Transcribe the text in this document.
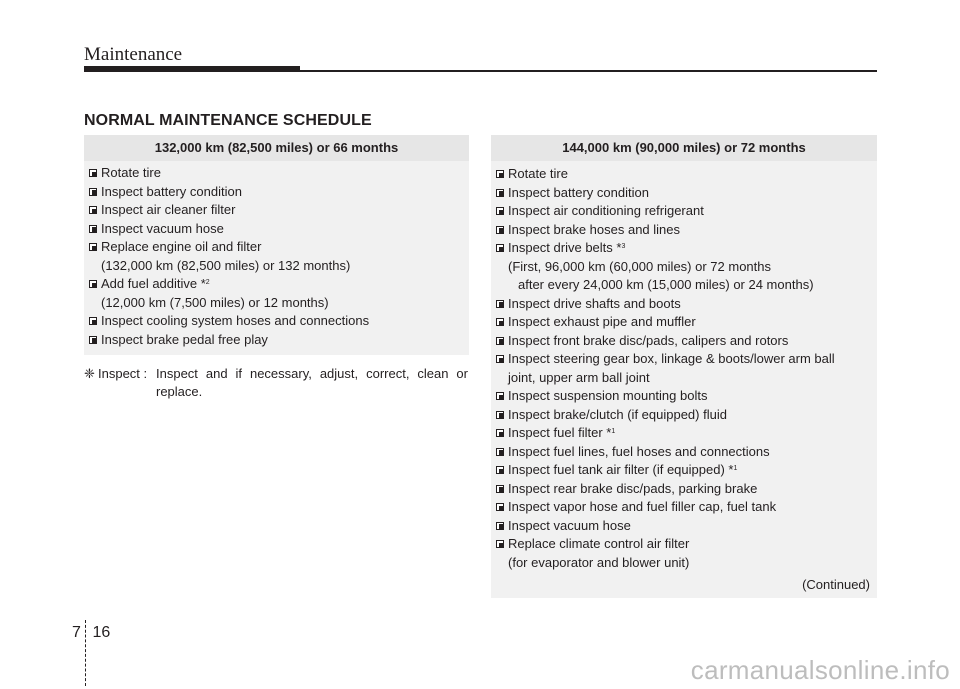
Maintenance
NORMAL MAINTENANCE SCHEDULE
132,000 km (82,500 miles) or 66 months
Rotate tire
Inspect battery condition
Inspect air cleaner filter
Inspect vacuum hose
Replace engine oil and filter
(132,000 km (82,500 miles) or 132 months)
Add fuel additive *$^2$
(12,000 km (7,500 miles) or 12 months)
Inspect cooling system hoses and connections
Inspect brake pedal free play
❈ Inspect : Inspect and if necessary, adjust, correct, clean or replace.
144,000 km (90,000 miles) or 72 months
Rotate tire
Inspect battery condition
Inspect air conditioning refrigerant
Inspect brake hoses and lines
Inspect drive belts *$^3$
(First, 96,000 km (60,000 miles) or 72 months
after every 24,000 km (15,000 miles) or 24 months)
Inspect drive shafts and boots
Inspect exhaust pipe and muffler
Inspect front brake disc/pads, calipers and rotors
Inspect steering gear box, linkage & boots/lower arm ball
joint, upper arm ball joint
Inspect suspension mounting bolts
Inspect brake/clutch (if equipped) fluid
Inspect fuel filter *$^1$
Inspect fuel lines, fuel hoses and connections
Inspect fuel tank air filter (if equipped) *$^1$
Inspect rear brake disc/pads, parking brake
Inspect vapor hose and fuel filler cap, fuel tank
Inspect vacuum hose
Replace climate control air filter
(for evaporator and blower unit)
(Continued)
7 16
carmanualsonline.info
